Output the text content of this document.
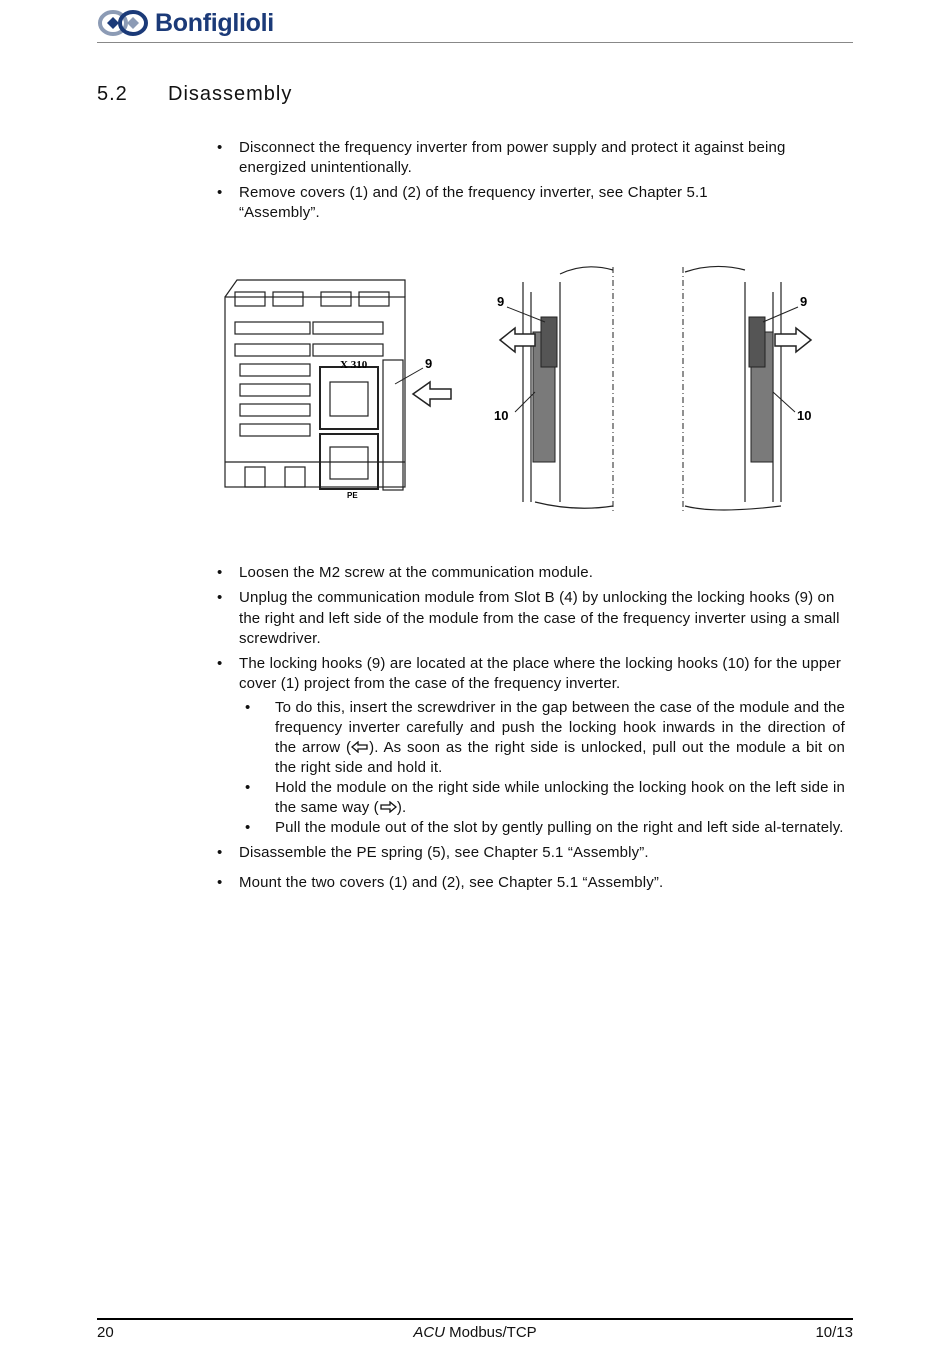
Bonfiglioli
5.2	Disassembly
• Disconnect the frequency inverter from power supply and protect it against being energized unintentionally.
• Remove covers (1) and (2) of the frequency inverter, see Chapter 5.1 “Assembly”.
X 310
PE
9
9
10
9
10
• Loosen the M2 screw at the communication module.
• Unplug the communication module from Slot B (4) by unlocking the locking hooks (9) on the right and left side of the module from the case of the frequency inverter using a small screwdriver.
• The locking hooks (9) are located at the place where the locking hooks (10) for the upper cover (1) project from the case of the frequency inverter.
• To do this, insert the screwdriver in the gap between the case of the module and the frequency inverter carefully and push the locking hook inwards in the direction of the arrow ( ). As soon as the right side is unlocked, pull out the module a bit on the right side and hold it.
• Hold the module on the right side while unlocking the locking hook on the left side in the same way ( ).
• Pull the module out of the slot by gently pulling on the right and left side al-ternately.
• Disassemble the PE spring (5), see Chapter 5.1 “Assembly”.
• Mount the two covers (1) and (2), see Chapter 5.1 “Assembly”.
20	ACU Modbus/TCP	10/13
